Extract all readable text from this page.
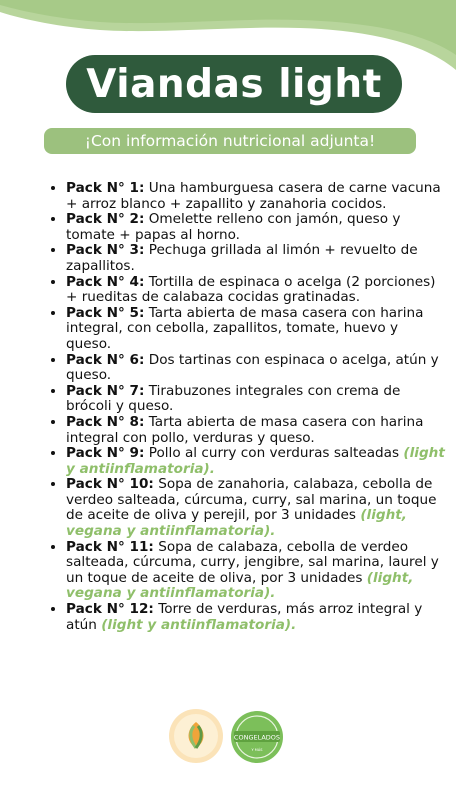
Viandas light
¡Con información nutricional adjunta!
• Pack N° 1: Una hamburguesa casera de carne vacuna + arroz blanco + zapallito y zanahoria cocidos.
• Pack N° 2: Omelette relleno con jamón, queso y tomate + papas al horno.
• Pack N° 3: Pechuga grillada al limón + revuelto de zapallitos.
• Pack N° 4: Tortilla de espinaca o acelga (2 porciones) + rueditas de calabaza cocidas gratinadas.
• Pack N° 5: Tarta abierta de masa casera con harina integral, con cebolla, zapallitos, tomate, huevo y queso.
• Pack N° 6: Dos tartinas con espinaca o acelga, atún y queso.
• Pack N° 7: Tirabuzones integrales con crema de brócoli y queso.
• Pack N° 8: Tarta abierta de masa casera con harina integral con pollo, verduras y queso.
• Pack N° 9: Pollo al curry con verduras salteadas (light y antiinflamatoria).
• Pack N° 10: Sopa de zanahoria, calabaza, cebolla de verdeo salteada, cúrcuma, curry, sal marina, un toque de aceite de oliva y perejil, por 3 unidades (light, vegana y antiinflamatoria).
• Pack N° 11: Sopa de calabaza, cebolla de verdeo salteada, cúrcuma, curry, jengibre, sal marina, laurel y un toque de aceite de oliva, por 3 unidades (light, vegana y antiinflamatoria).
• Pack N° 12: Torre de verduras, más arroz integral y atún (light y antiinflamatoria).
CONGELADOS
Y MÁS
